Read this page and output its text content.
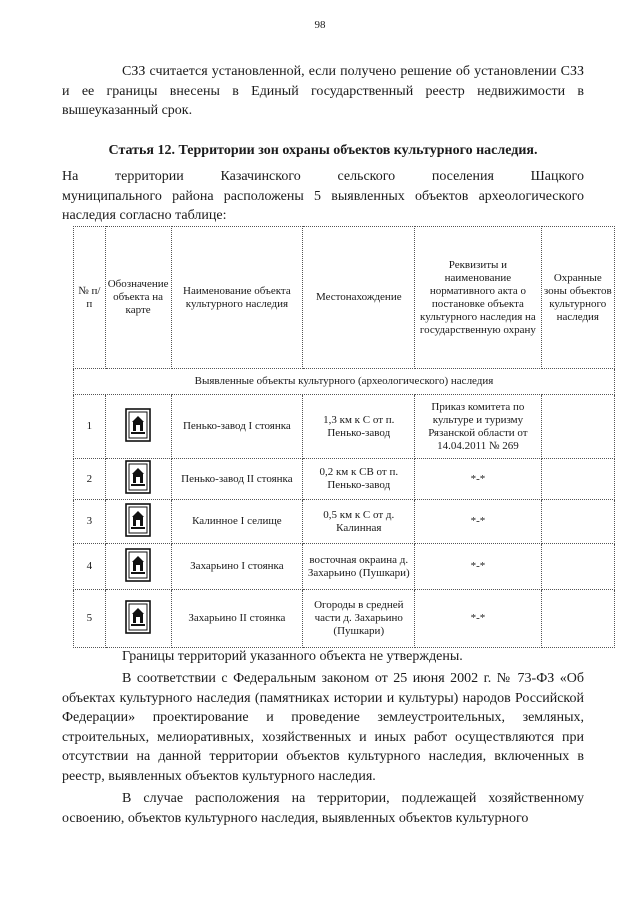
98
СЗЗ считается установленной, если получено решение об установлении СЗЗ и ее границы внесены в Единый государственный реестр недвижимости в вышеуказанный срок.
Статья 12. Территории зон охраны объектов культурного наследия.
На	территории	Казачинского	сельского	поселения	Шацкого
муниципального района расположены 5 выявленных объектов археологического наследия согласно таблице:
№ п/п	Обозначение объекта на карте	Наименование объекта культурного наследия	Местонахождение	Реквизиты и наименование нормативного акта о постановке объекта культурного наследия на государственную охрану	Охранные зоны объектов культурного наследия
Выявленные объекты культурного (археологического) наследия					
1		Пенько-завод I стоянка	1,3 км к С от п. Пенько-завод	Приказ комитета по культуре и туризму Рязанской области от 14.04.2011 № 269	
2		Пенько-завод II стоянка	0,2 км к СВ от п. Пенько-завод	*-*	
3		Калинное I селище	0,5 км к С от д. Калинная	*-*	
4		Захарьино I стоянка	восточная окраина д. Захарьино (Пушкари)	*-*	
5		Захарьино II стоянка	Огороды в средней части д. Захарьино (Пушкари)	*-*	
Границы территорий указанного объекта не утверждены.
В соответствии с Федеральным законом от 25 июня 2002 г. № 73-ФЗ «Об объектах культурного наследия (памятниках истории и культуры) народов Российской Федерации» проектирование и проведение землеустроительных, земляных, строительных, мелиоративных, хозяйственных и иных работ осуществляются при отсутствии на данной территории объектов культурного наследия, включенных в реестр, выявленных объектов культурного наследия.
В случае расположения на территории, подлежащей хозяйственному освоению, объектов культурного наследия, выявленных объектов культурного
